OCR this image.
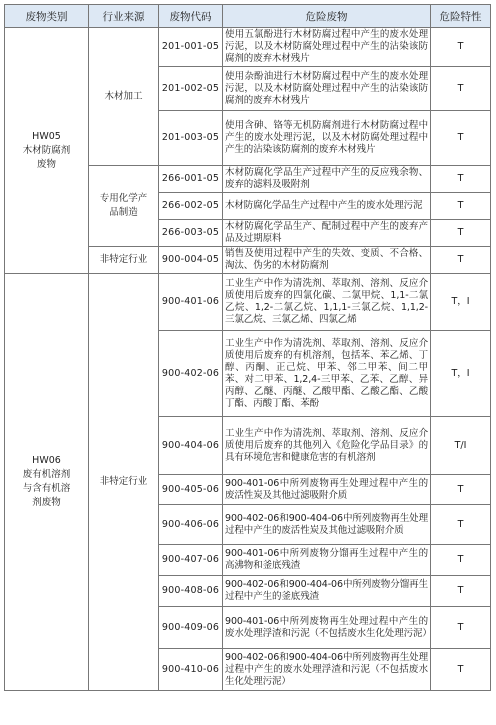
废物类别	行业来源	废物代码	危险废物	危险特性
HW05
木材防腐剂
废物	木材加工	201-001-05	使用五氯酚进行木材防腐过程中产生的废水处理污泥，以及木材防腐处理过程中产生的沾染该防腐剂的废弃木材残片	T
		201-002-05	使用杂酚油进行木材防腐过程中产生的废水处理污泥，以及木材防腐处理过程中产生的沾染该防腐剂的废弃木材残片	T
		201-003-05	使用含砷、铬等无机防腐剂进行木材防腐过程中产生的废水处理污泥，以及木材防腐处理过程中产生的沾染该防腐剂的废弃木材残片	T
	专用化学产
品制造	266-001-05	木材防腐化学品生产过程中产生的反应残余物、废弃的滤料及吸附剂	T
		266-002-05	木材防腐化学品生产过程中产生的废水处理污泥	T
		266-003-05	木材防腐化学品生产、配制过程中产生的废弃产品及过期原料	T
	非特定行业	900-004-05	销售及使用过程中产生的失效、变质、不合格、淘汰、伪劣的木材防腐剂	T
HW06
废有机溶剂
与含有机溶
剂废物	非特定行业	900-401-06	工业生产中作为清洗剂、萃取剂、溶剂、反应介质使用后废弃的四氯化碳、二氯甲烷、1,1-二氯乙烷、1,2-二氯乙烷、1,1,1-三氯乙烷、1,1,2-三氯乙烷、三氯乙烯、四氯乙烯	T，I
		900-402-06	工业生产中作为清洗剂、萃取剂、溶剂、反应介质使用后废弃的有机溶剂，包括苯、苯乙烯、丁醇、丙酮、正己烷、甲苯、邻二甲苯、间二甲苯、对二甲苯、1,2,4-三甲苯、乙苯、乙醇、异丙醇、乙醚、丙醚、乙酸甲酯、乙酸乙酯、乙酸丁酯、丙酸丁酯、苯酚	T，I
		900-404-06	工业生产中作为清洗剂、萃取剂、溶剂、反应介质使用后废弃的其他列入《危险化学品目录》的具有环境危害和健康危害的有机溶剂	T/I
		900-405-06	900-401-06中所列废物再生处理过程中产生的废活性炭及其他过滤吸附介质	T
		900-406-06	900-402-06和900-404-06中所列废物再生处理过程中产生的废活性炭及其他过滤吸附介质	T
		900-407-06	900-401-06中所列废物分馏再生过程中产生的高沸物和釜底残渣	T
		900-408-06	900-402-06和900-404-06中所列废物分馏再生过程中产生的釜底残渣	T
		900-409-06	900-401-06中所列废物再生处理过程中产生的废水处理浮渣和污泥（不包括废水生化处理污泥）	T
		900-410-06	900-402-06和900-404-06中所列废物再生处理过程中产生的废水处理浮渣和污泥（不包括废水生化处理污泥）	T
